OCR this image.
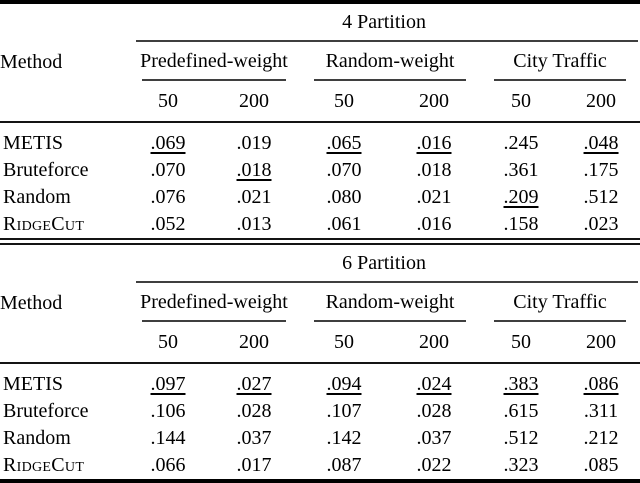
Method	4 Partition					

	Predefined-weight		Random-weight		City Traffic	

	50	200	50	200	50	200

METIS	.069	.019	.065	.016	.245	.048
Bruteforce	.070	.018	.070	.018	.361	.175
Random	.076	.021	.080	.021	.209	.512
RidgeCut	.052	.013	.061	.016	.158	.023
Method	6 Partition					

	Predefined-weight		Random-weight		City Traffic	

	50	200	50	200	50	200

METIS	.097	.027	.094	.024	.383	.086
Bruteforce	.106	.028	.107	.028	.615	.311
Random	.144	.037	.142	.037	.512	.212
RidgeCut	.066	.017	.087	.022	.323	.085
